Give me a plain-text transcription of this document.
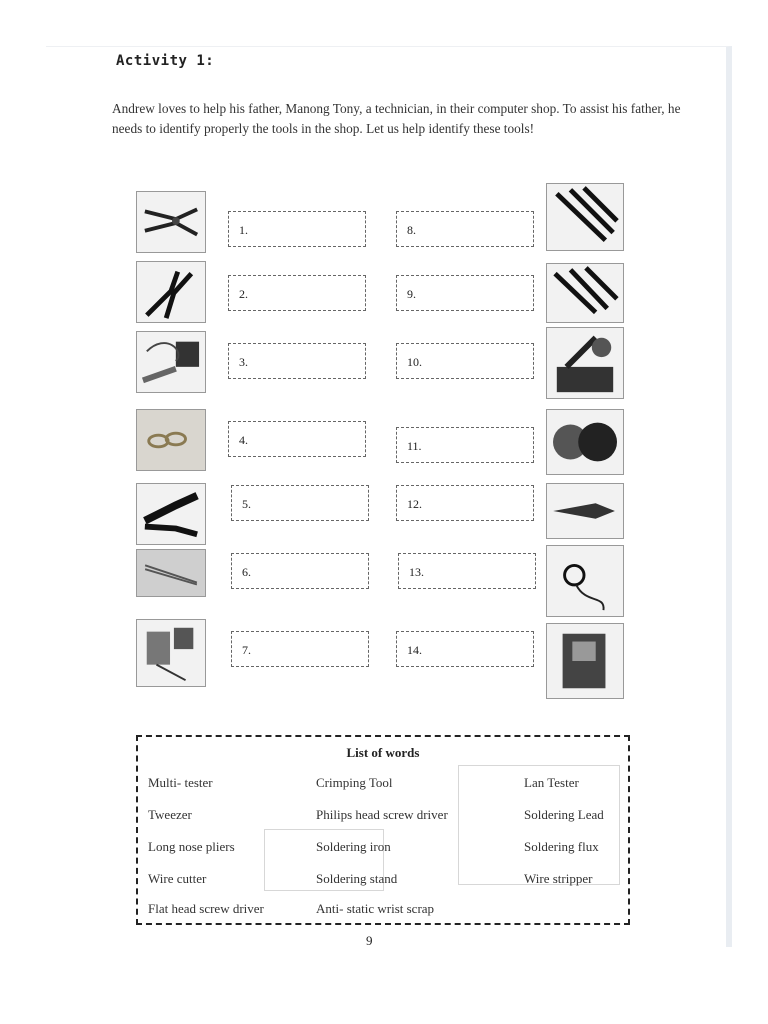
Activity 1:
Andrew loves to help his father, Manong Tony, a technician, in their computer shop. To assist his father, he needs to identify properly the tools in the shop. Let us help identify these tools!
1.
2.
3.
4.
5.
6.
7.
8.
9.
10.
11.
12.
13.
14.
List of words
Multi- tester	Crimping Tool	Lan Tester
Tweezer	Philips head screw driver	Soldering Lead
Long nose pliers	Soldering iron	Soldering flux
Wire cutter	Soldering stand	Wire stripper
Flat head screw driver	Anti- static wrist scrap
9
